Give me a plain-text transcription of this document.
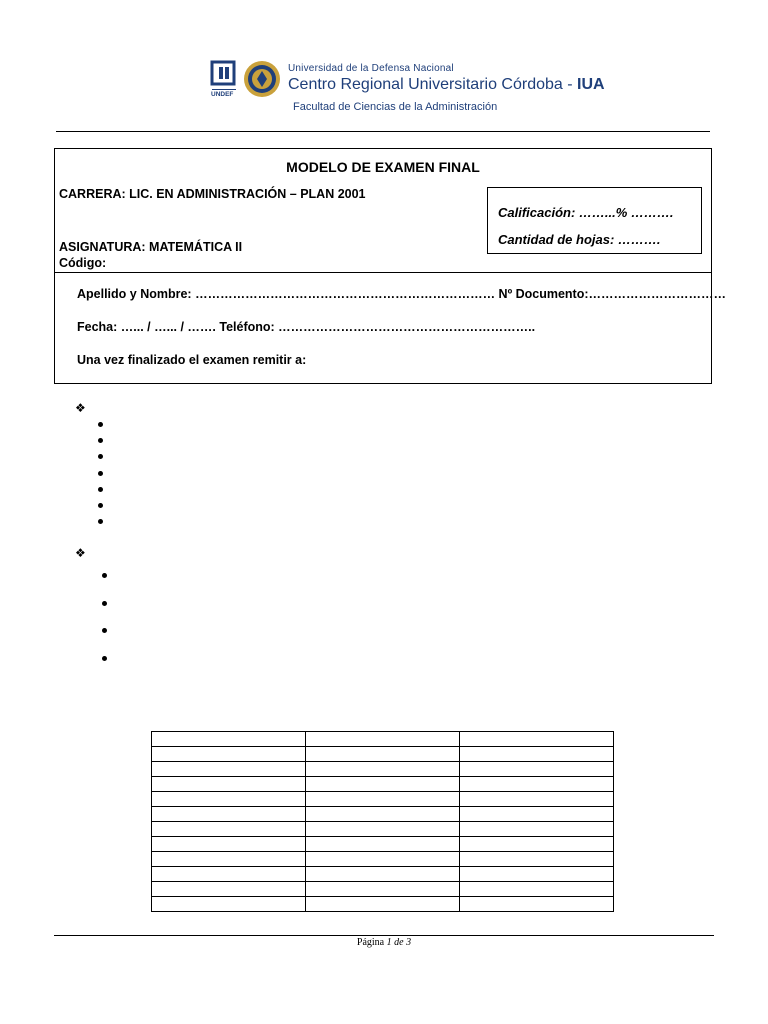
UNDEF
Universidad de la Defensa Nacional
Centro Regional Universitario Córdoba - IUA
Facultad de Ciencias de la Administración
MODELO DE EXAMEN FINAL
CARRERA: LIC. EN ADMINISTRACIÓN – PLAN 2001
ASIGNATURA: MATEMÁTICA II
Código:
Calificación: ……...% ……….
Cantidad de hojas: ……….
Apellido y Nombre: ……………………………………………………………… Nº Documento:……………………………
Fecha: …... / …... / ……. Teléfono: ……………………………………………………..
Una vez finalizado el examen remitir a:
❖
❖

Página 1 de 3
